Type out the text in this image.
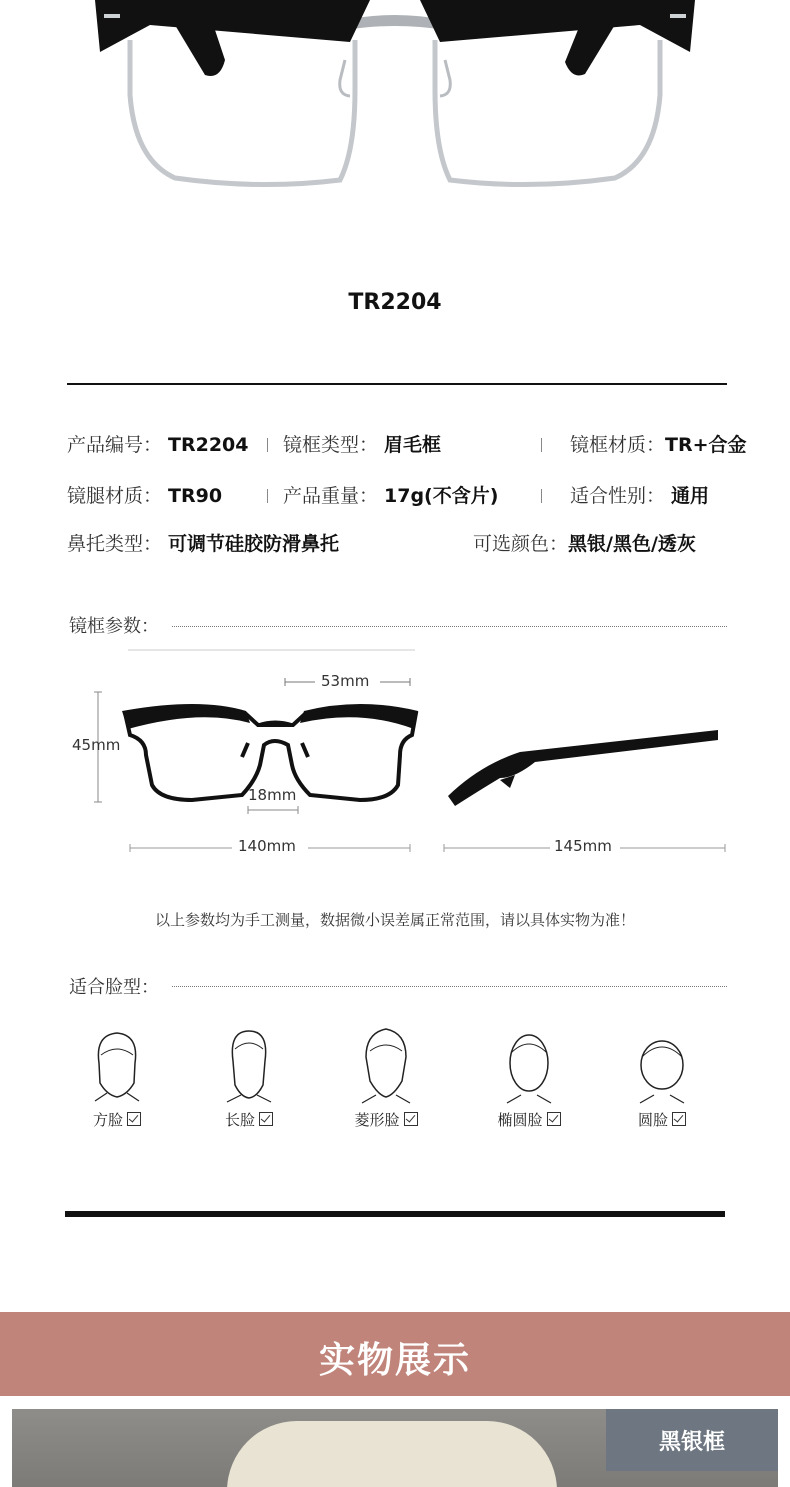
TR2204
产品编号： TR2204 镜框类型： 眉毛框	镜框材质：TR+合金
镜腿材质： TR90	产品重量： 17g(不含片)	适合性别： 通用
鼻托类型： 可调节硅胶防滑鼻托	可选颜色：黑银/黑色/透灰
镜框参数：
53mm
45mm
18mm
140mm	145mm
以上参数均为手工测量，数据微小误差属正常范围，请以具体实物为准！
适合脸型：
方脸	长脸	菱形脸	椭圆脸	圆脸
实物展示
黑银框
